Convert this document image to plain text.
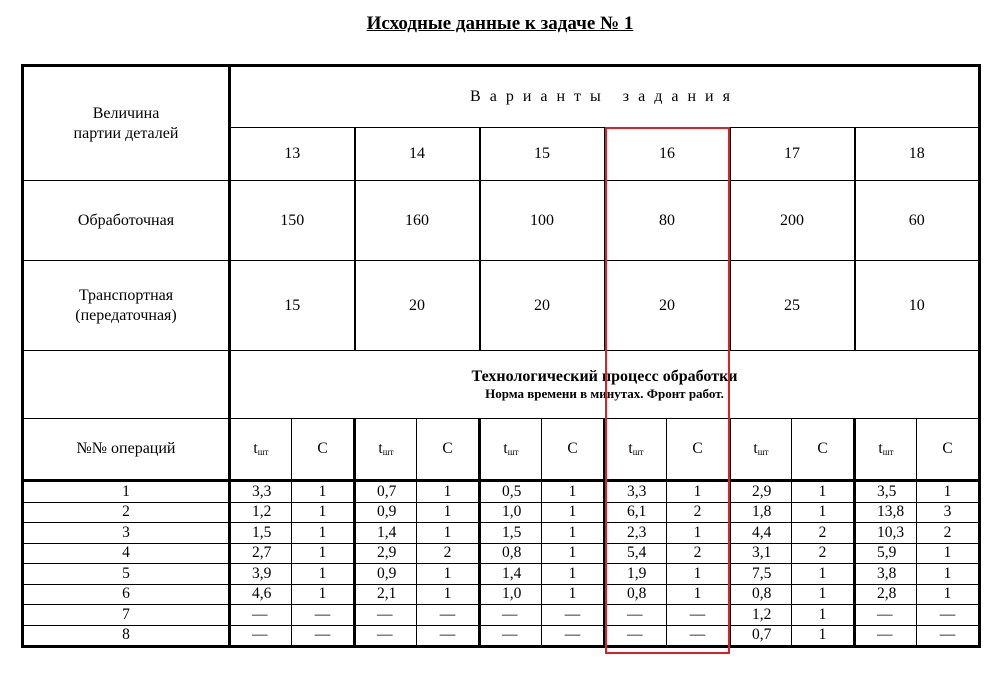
Исходные данные к задаче № 1
Величина
партии деталей	Варианты задания											
	13		14		15		16		17		18	
Обработочная	150		160		100		80		200		60	

Транспортная
(передаточная)	15		20		20		20		25		10	

	Технологический процесс обработки
Норма времени в минутах. Фронт работ.											

№№ операций	tшт	С	tшт	С	tшт	С	tшт	С	tшт	С	tшт	С
1	3,3	1	0,7	1	0,5	1	3,3	1	2,9	1	3,5	1
2	1,2	1	0,9	1	1,0	1	6,1	2	1,8	1	13,8	3
3	1,5	1	1,4	1	1,5	1	2,3	1	4,4	2	10,3	2
4	2,7	1	2,9	2	0,8	1	5,4	2	3,1	2	5,9	1
5	3,9	1	0,9	1	1,4	1	1,9	1	7,5	1	3,8	1
6	4,6	1	2,1	1	1,0	1	0,8	1	0,8	1	2,8	1
7	—	—	—	—	—	—	—	—	1,2	1	—	—
8	—	—	—	—	—	—	—	—	0,7	1	—	—
